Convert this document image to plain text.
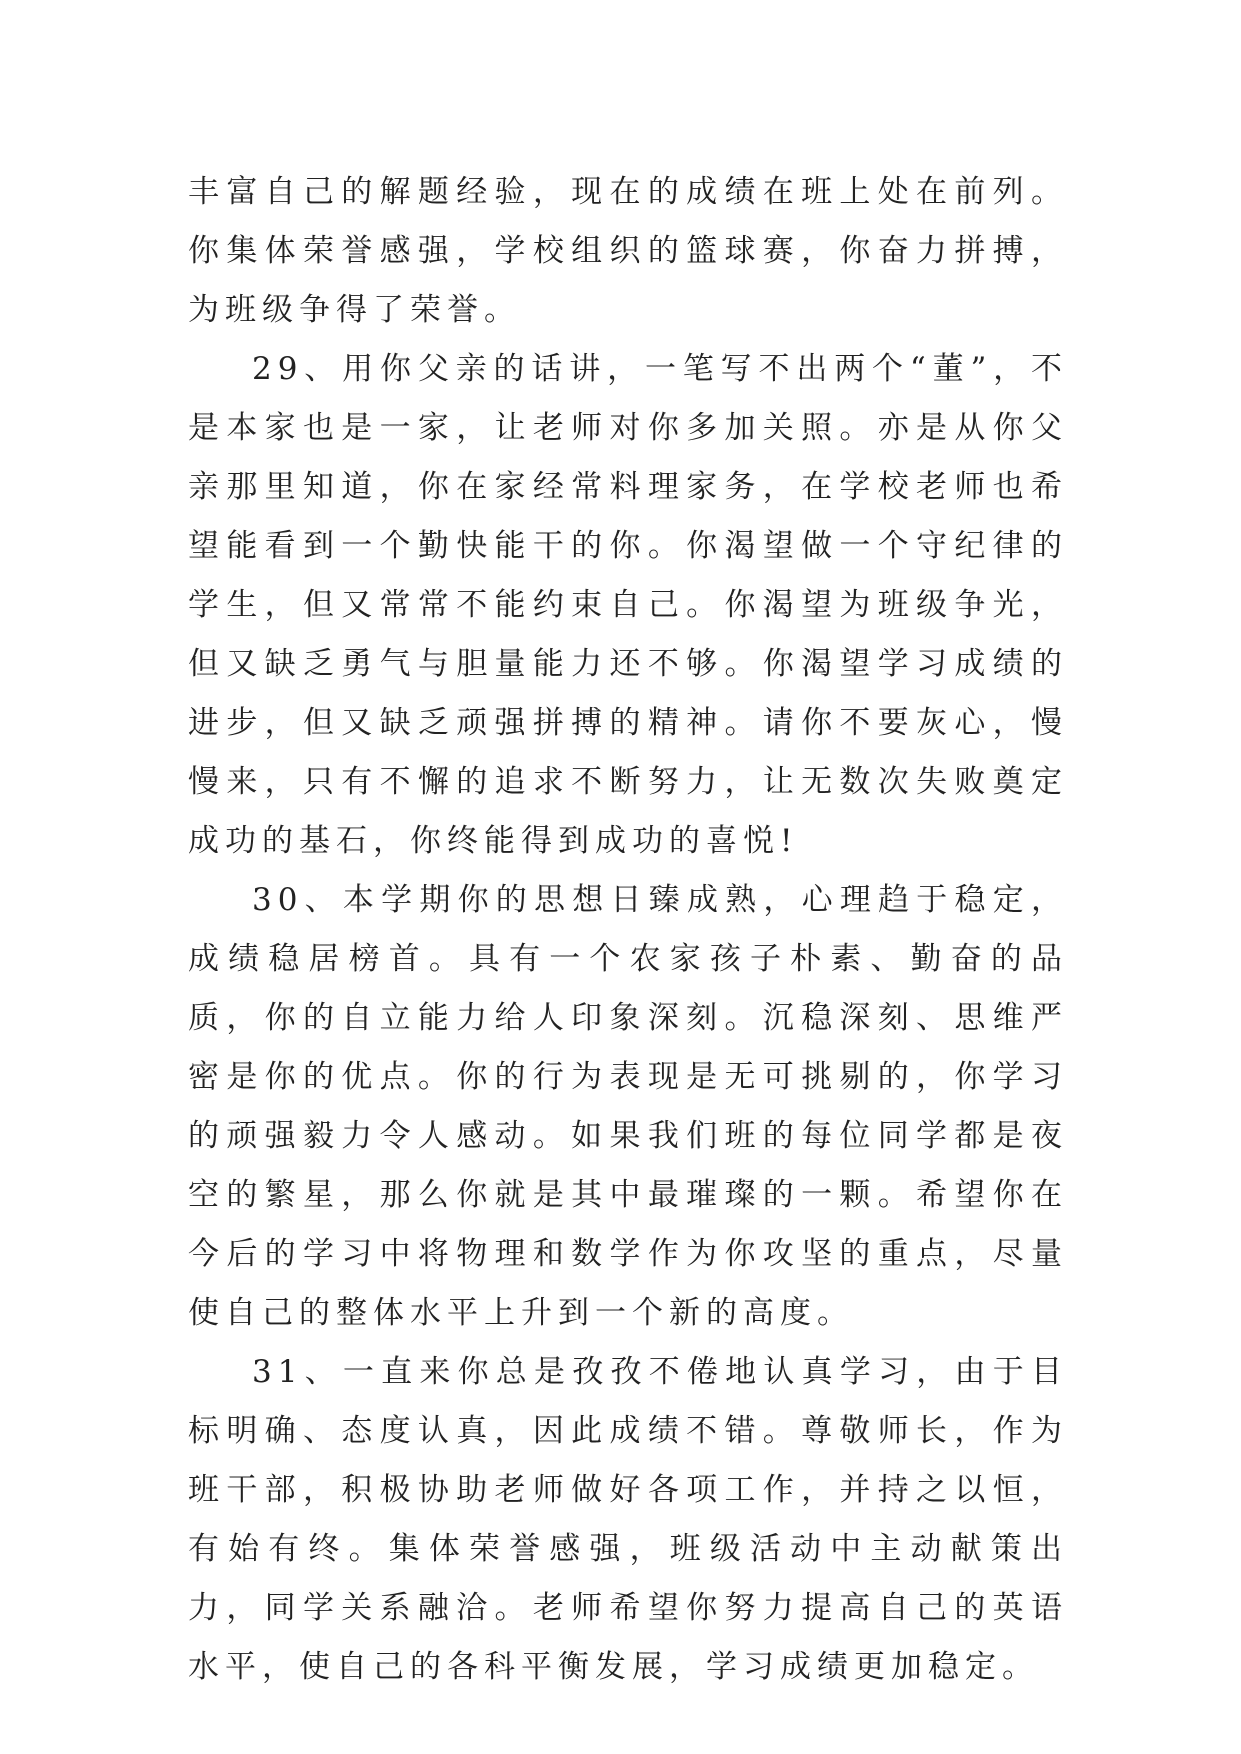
丰富自己的解题经验，现在的成绩在班上处在前列。你集体荣誉感强，学校组织的篮球赛，你奋力拼搏，为班级争得了荣誉。

29、用你父亲的话讲，一笔写不出两个“董”，不是本家也是一家，让老师对你多加关照。亦是从你父亲那里知道，你在家经常料理家务，在学校老师也希望能看到一个勤快能干的你。你渴望做一个守纪律的学生，但又常常不能约束自己。你渴望为班级争光，但又缺乏勇气与胆量能力还不够。你渴望学习成绩的进步，但又缺乏顽强拼搏的精神。请你不要灰心，慢慢来，只有不懈的追求不断努力，让无数次失败奠定成功的基石，你终能得到成功的喜悦!

30、本学期你的思想日臻成熟，心理趋于稳定，成绩稳居榜首。具有一个农家孩子朴素、勤奋的品质，你的自立能力给人印象深刻。沉稳深刻、思维严密是你的优点。你的行为表现是无可挑剔的，你学习的顽强毅力令人感动。如果我们班的每位同学都是夜空的繁星，那么你就是其中最璀璨的一颗。希望你在今后的学习中将物理和数学作为你攻坚的重点，尽量使自己的整体水平上升到一个新的高度。

31、一直来你总是孜孜不倦地认真学习，由于目标明确、态度认真，因此成绩不错。尊敬师长，作为班干部，积极协助老师做好各项工作，并持之以恒，有始有终。集体荣誉感强，班级活动中主动献策出力，同学关系融洽。老师希望你努力提高自己的英语水平，使自己的各科平衡发展，学习成绩更加稳定。
